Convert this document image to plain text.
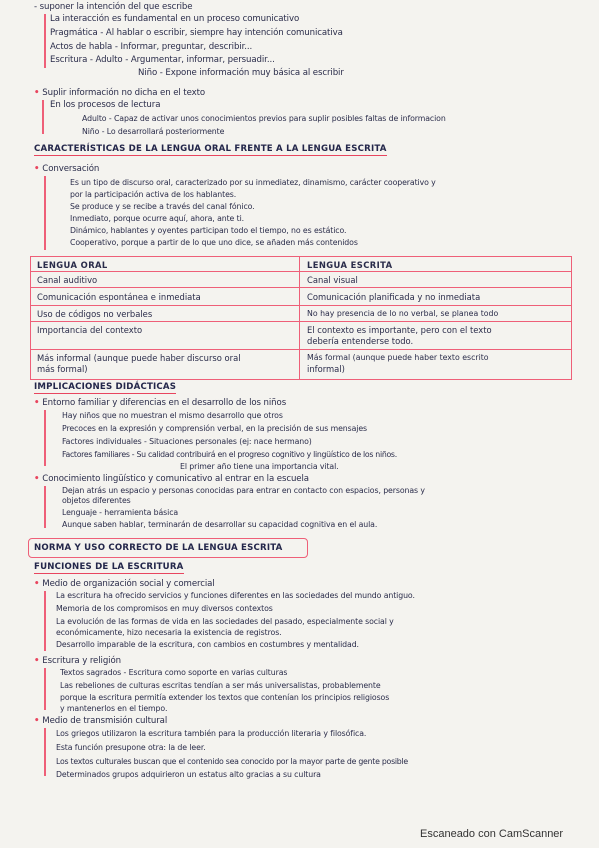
- suponer la intención del que escribe
La interacción es fundamental en un proceso comunicativo
Pragmática - Al hablar o escribir, siempre hay intención comunicativa
Actos de habla - Informar, preguntar, describir...
Escritura - Adulto - Argumentar, informar, persuadir...
Niño - Expone información muy básica al escribir
• Suplir información no dicha en el texto
En los procesos de lectura
Adulto - Capaz de activar unos conocimientos previos para suplir posibles faltas de informacion
Niño - Lo desarrollará posteriormente
CARACTERÍSTICAS DE LA LENGUA ORAL FRENTE A LA LENGUA ESCRITA
• Conversación
Es un tipo de discurso oral, caracterizado por su inmediatez, dinamismo, carácter cooperativo y
por la participación activa de los hablantes.
Se produce y se recibe a través del canal fónico.
Inmediato, porque ocurre aquí, ahora, ante ti.
Dinámico, hablantes y oyentes participan todo el tiempo, no es estático.
Cooperativo, porque a partir de lo que uno dice, se añaden más contenidos
LENGUA ORAL	LENGUA ESCRITA
Canal auditivo	Canal visual
Comunicación espontánea e inmediata	Comunicación planificada y no inmediata
Uso de códigos no verbales	No hay presencia de lo no verbal, se planea todo
Importancia del contexto	El contexto es importante, pero con el texto
debería entenderse todo.
Más informal (aunque puede haber discurso oral	Más formal (aunque puede haber texto escrito
más formal)	informal)
IMPLICACIONES DIDÁCTICAS
• Entorno familiar y diferencias en el desarrollo de los niños
Hay niños que no muestran el mismo desarrollo que otros
Precoces en la expresión y comprensión verbal, en la precisión de sus mensajes
Factores individuales - Situaciones personales (ej: nace hermano)
Factores familiares - Su calidad contribuirá en el progreso cognitivo y lingüístico de los niños.
El primer año tiene una importancia vital.
• Conocimiento lingüístico y comunicativo al entrar en la escuela
Dejan atrás un espacio y personas conocidas para entrar en contacto con espacios, personas y
objetos diferentes
Lenguaje - herramienta básica
Aunque saben hablar, terminarán de desarrollar su capacidad cognitiva en el aula.
NORMA Y USO CORRECTO DE LA LENGUA ESCRITA
FUNCIONES DE LA ESCRITURA
• Medio de organización social y comercial
La escritura ha ofrecido servicios y funciones diferentes en las sociedades del mundo antiguo.
Memoria de los compromisos en muy diversos contextos
La evolución de las formas de vida en las sociedades del pasado, especialmente social y
económicamente, hizo necesaria la existencia de registros.
Desarrollo imparable de la escritura, con cambios en costumbres y mentalidad.
• Escritura y religión
Textos sagrados - Escritura como soporte en varias culturas
Las rebeliones de culturas escritas tendían a ser más universalistas, probablemente
porque la escritura permitía extender los textos que contenían los principios religiosos
y mantenerlos en el tiempo.
• Medio de transmisión cultural
Los griegos utilizaron la escritura también para la producción literaria y filosófica.
Esta función presupone otra: la de leer.
Los textos culturales buscan que el contenido sea conocido por la mayor parte de gente posible
Determinados grupos adquirieron un estatus alto gracias a su cultura
Escaneado con CamScanner
